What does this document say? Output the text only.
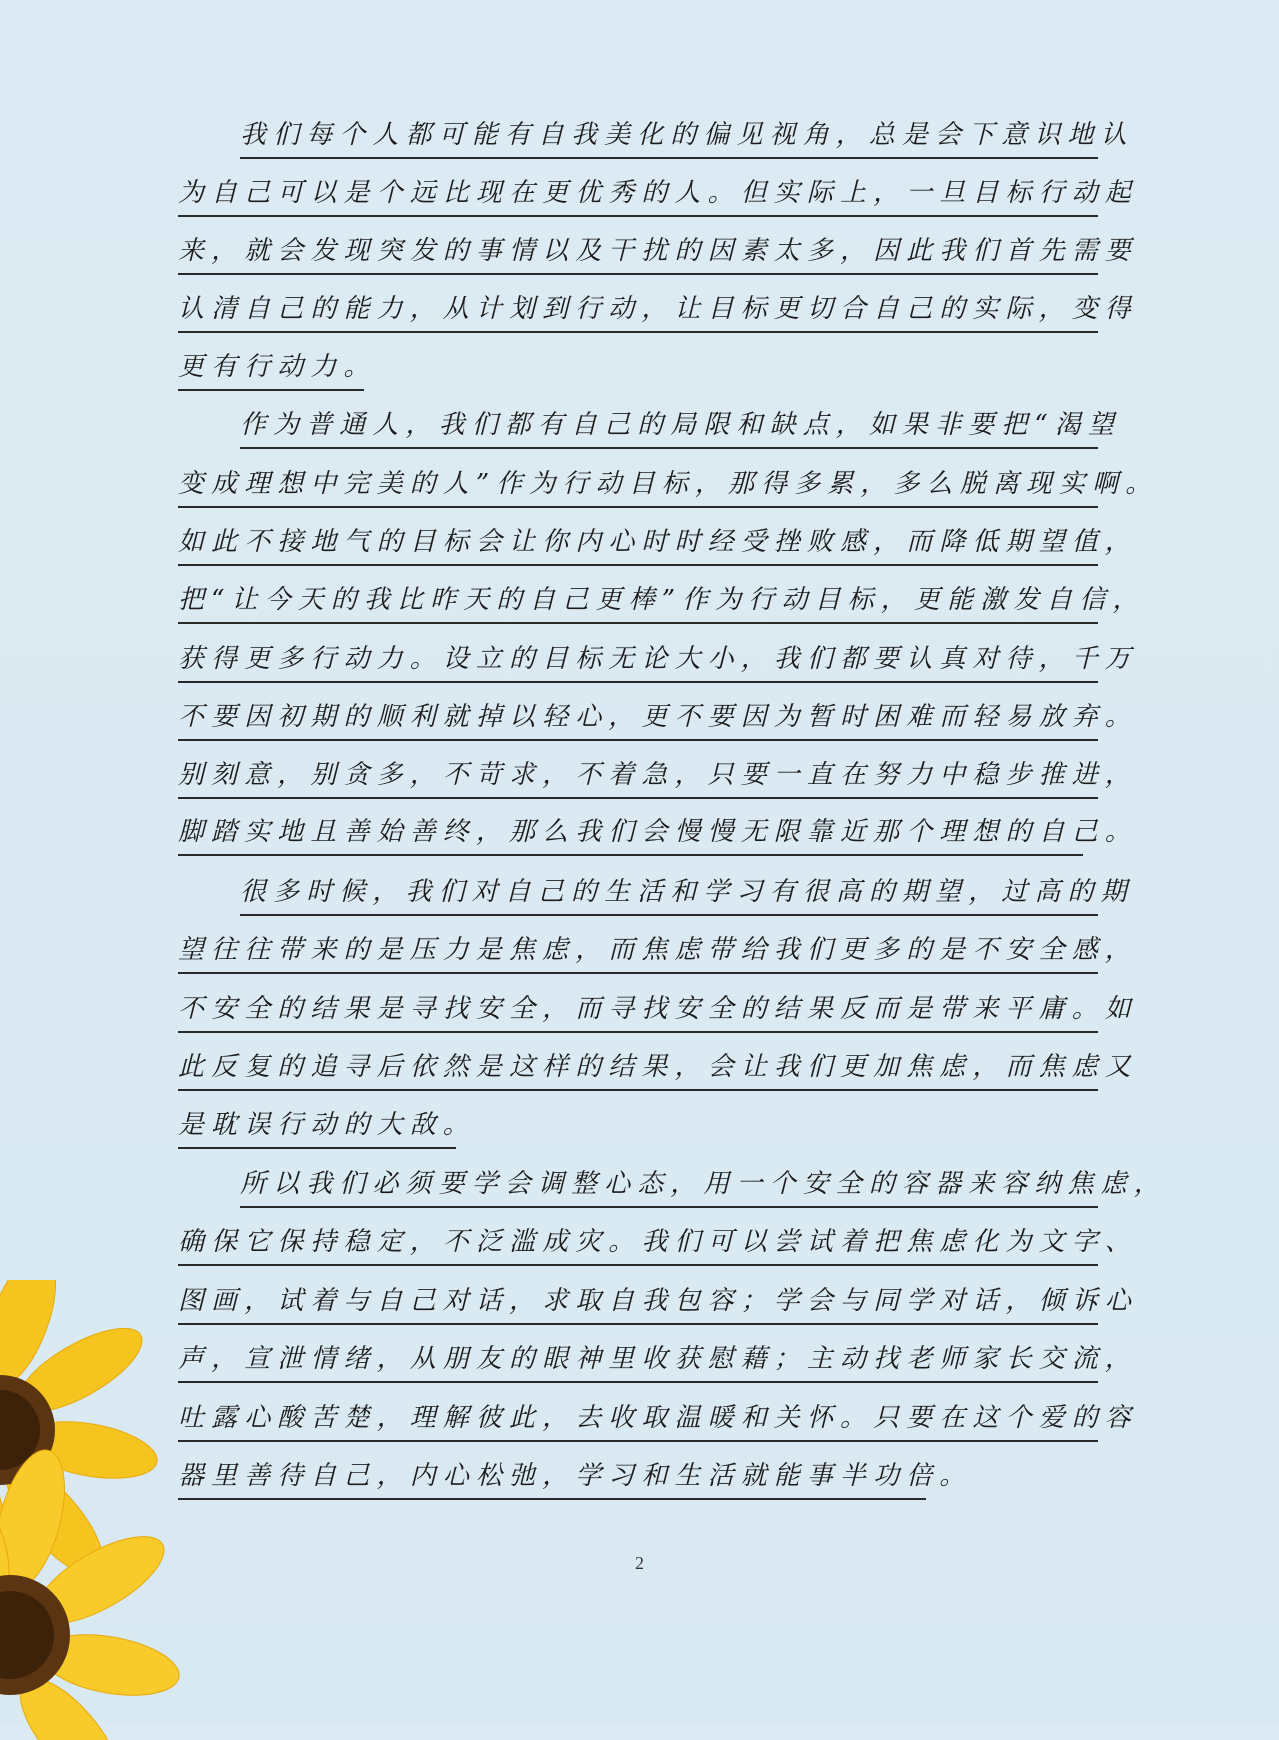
我们每个人都可能有自我美化的偏见视角，总是会下意识地认
为自己可以是个远比现在更优秀的人。但实际上，一旦目标行动起
来，就会发现突发的事情以及干扰的因素太多，因此我们首先需要
认清自己的能力，从计划到行动，让目标更切合自己的实际，变得
更有行动力。
作为普通人，我们都有自己的局限和缺点，如果非要把“渴望
变成理想中完美的人”作为行动目标，那得多累，多么脱离现实啊。
如此不接地气的目标会让你内心时时经受挫败感，而降低期望值，
把“让今天的我比昨天的自己更棒”作为行动目标，更能激发自信，
获得更多行动力。设立的目标无论大小，我们都要认真对待，千万
不要因初期的顺利就掉以轻心，更不要因为暂时困难而轻易放弃。
别刻意，别贪多，不苛求，不着急，只要一直在努力中稳步推进，
脚踏实地且善始善终，那么我们会慢慢无限靠近那个理想的自己。
很多时候，我们对自己的生活和学习有很高的期望，过高的期
望往往带来的是压力是焦虑，而焦虑带给我们更多的是不安全感，
不安全的结果是寻找安全，而寻找安全的结果反而是带来平庸。如
此反复的追寻后依然是这样的结果，会让我们更加焦虑，而焦虑又
是耽误行动的大敌。
所以我们必须要学会调整心态，用一个安全的容器来容纳焦虑，
确保它保持稳定，不泛滥成灾。我们可以尝试着把焦虑化为文字、
图画，试着与自己对话，求取自我包容；学会与同学对话，倾诉心
声，宣泄情绪，从朋友的眼神里收获慰藉；主动找老师家长交流，
吐露心酸苦楚，理解彼此，去收取温暖和关怀。只要在这个爱的容
器里善待自己，内心松弛，学习和生活就能事半功倍。
2
